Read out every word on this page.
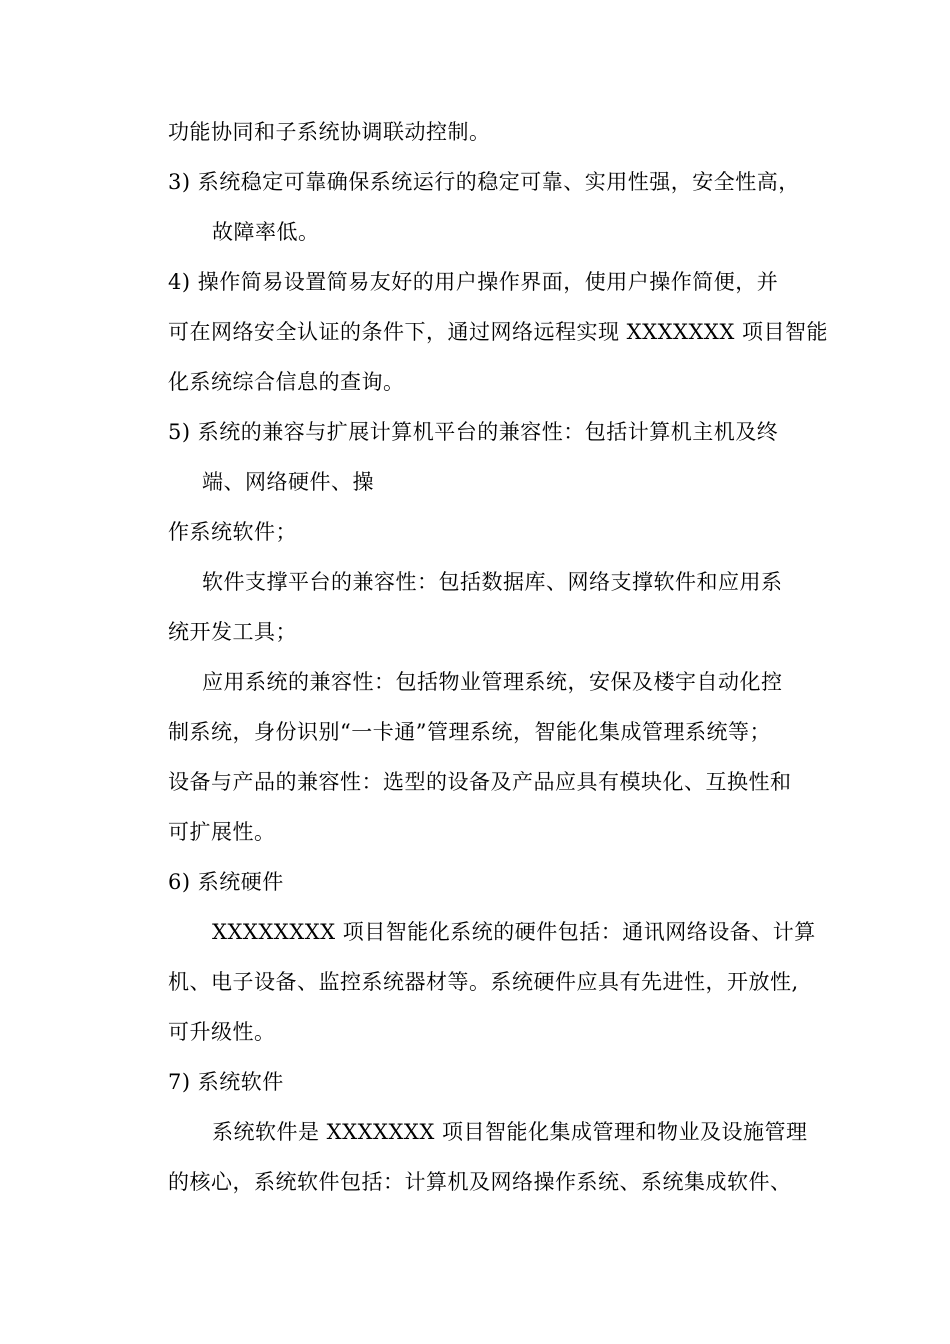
功能协同和子系统协调联动控制。
3) 系统稳定可靠确保系统运行的稳定可靠、实用性强，安全性高，
故障率低。
4) 操作简易设置简易友好的用户操作界面，使用户操作简便，并
可在网络安全认证的条件下，通过网络远程实现 XXXXXXX 项目智能
化系统综合信息的查询。
5) 系统的兼容与扩展计算机平台的兼容性：包括计算机主机及终
端、网络硬件、操
作系统软件；
软件支撑平台的兼容性：包括数据库、网络支撑软件和应用系
统开发工具；
应用系统的兼容性：包括物业管理系统，安保及楼宇自动化控
制系统，身份识别“一卡通”管理系统，智能化集成管理系统等；
设备与产品的兼容性：选型的设备及产品应具有模块化、互换性和
可扩展性。
6) 系统硬件
XXXXXXXX 项目智能化系统的硬件包括：通讯网络设备、计算
机、电子设备、监控系统器材等。系统硬件应具有先进性，开放性,
可升级性。
7) 系统软件
系统软件是 XXXXXXX 项目智能化集成管理和物业及设施管理
的核心，系统软件包括：计算机及网络操作系统、系统集成软件、
